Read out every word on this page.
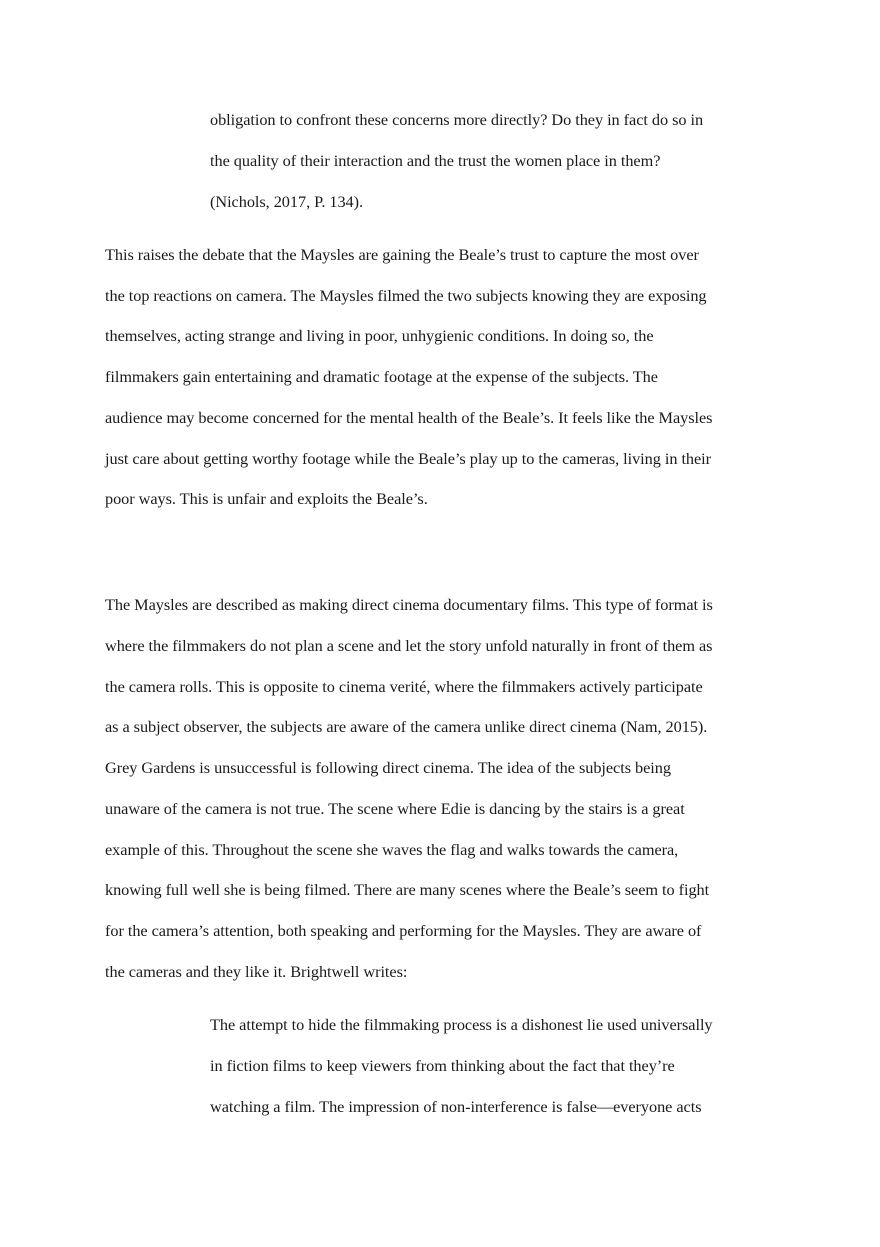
obligation to confront these concerns more directly? Do they in fact do so in
the quality of their interaction and the trust the women place in them?
(Nichols, 2017, P. 134).
This raises the debate that the Maysles are gaining the Beale’s trust to capture the most over
the top reactions on camera. The Maysles filmed the two subjects knowing they are exposing
themselves, acting strange and living in poor, unhygienic conditions. In doing so, the
filmmakers gain entertaining and dramatic footage at the expense of the subjects. The
audience may become concerned for the mental health of the Beale’s. It feels like the Maysles
just care about getting worthy footage while the Beale’s play up to the cameras, living in their
poor ways. This is unfair and exploits the Beale’s.
The Maysles are described as making direct cinema documentary films. This type of format is
where the filmmakers do not plan a scene and let the story unfold naturally in front of them as
the camera rolls. This is opposite to cinema verité, where the filmmakers actively participate
as a subject observer, the subjects are aware of the camera unlike direct cinema (Nam, 2015).
Grey Gardens is unsuccessful is following direct cinema. The idea of the subjects being
unaware of the camera is not true. The scene where Edie is dancing by the stairs is a great
example of this. Throughout the scene she waves the flag and walks towards the camera,
knowing full well she is being filmed. There are many scenes where the Beale’s seem to fight
for the camera’s attention, both speaking and performing for the Maysles. They are aware of
the cameras and they like it. Brightwell writes:
The attempt to hide the filmmaking process is a dishonest lie used universally
in fiction films to keep viewers from thinking about the fact that they’re
watching a film. The impression of non-interference is false—everyone acts
